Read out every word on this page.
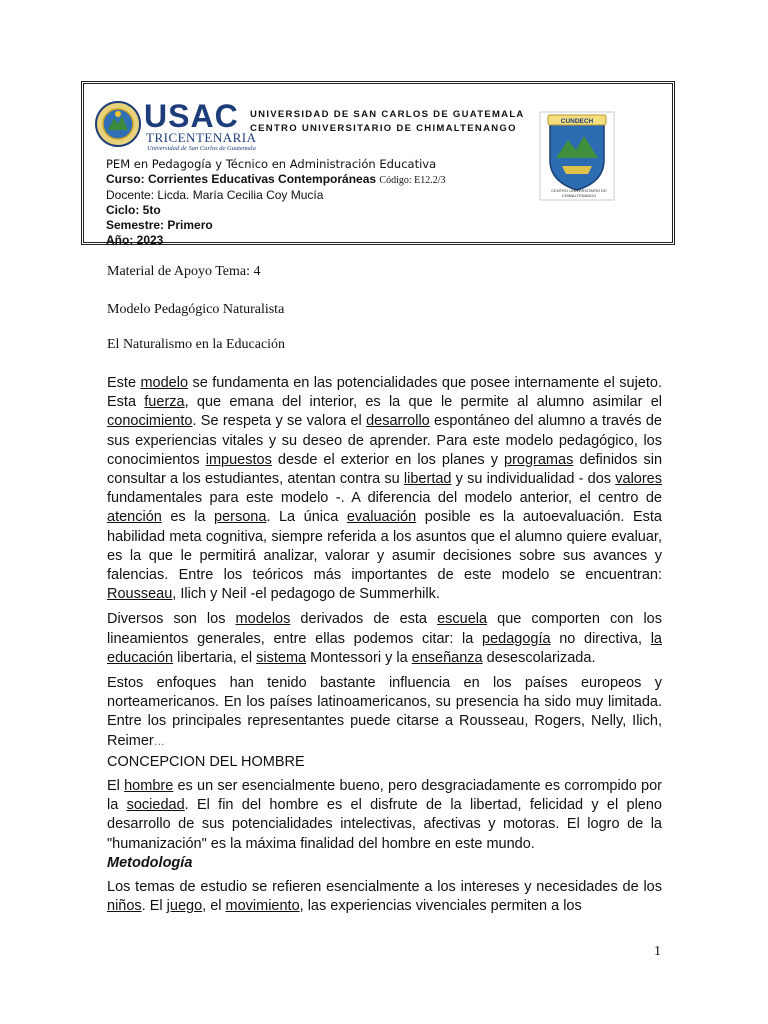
USAC
TRICENTENARIA
Universidad de San Carlos de Guatemala
UNIVERSIDAD DE SAN CARLOS DE GUATEMALA
CENTRO UNIVERSITARIO DE CHIMALTENANGO
CUNDECH
CENTRO UNIVERSITARIO DE CHIMALTENANGO
PEM en Pedagogía y Técnico en Administración Educativa
Curso: Corrientes Educativas Contemporáneas Código: E12.2/3
Docente: Licda. María Cecilia Coy Mucía
Ciclo: 5to
Semestre: Primero
Año: 2023
Material de Apoyo Tema: 4
Modelo Pedagógico Naturalista
El Naturalismo en la Educación

Este modelo se fundamenta en las potencialidades que posee internamente el sujeto. Esta fuerza, que emana del interior, es la que le permite al alumno asimilar el conocimiento. Se respeta y se valora el desarrollo espontáneo del alumno a través de sus experiencias vitales y su deseo de aprender. Para este modelo pedagógico, los conocimientos impuestos desde el exterior en los planes y programas definidos sin consultar a los estudiantes, atentan contra su libertad y su individualidad - dos valores fundamentales para este modelo -. A diferencia del modelo anterior, el centro de atención es la persona. La única evaluación posible es la autoevaluación. Esta habilidad meta cognitiva, siempre referida a los asuntos que el alumno quiere evaluar, es la que le permitirá analizar, valorar y asumir decisiones sobre sus avances y falencias. Entre los teóricos más importantes de este modelo se encuentran: Rousseau, Ilich y Neil -el pedagogo de Summerhilk.

Diversos son los modelos derivados de esta escuela que comporten con los lineamientos generales, entre ellas podemos citar: la pedagogía no directiva, la educación libertaria, el sistema Montessori y la enseñanza desescolarizada.

Estos enfoques han tenido bastante influencia en los países europeos y norteamericanos. En los países latinoamericanos, su presencia ha sido muy limitada. Entre los principales representantes puede citarse a Rousseau, Rogers, Nelly, Ilich, Reimer…

CONCEPCION DEL HOMBRE

El hombre es un ser esencialmente bueno, pero desgraciadamente es corrompido por la sociedad. El fin del hombre es el disfrute de la libertad, felicidad y el pleno desarrollo de sus potencialidades intelectivas, afectivas y motoras. El logro de la "humanización" es la máxima finalidad del hombre en este mundo.

Metodología

Los temas de estudio se refieren esencialmente a los intereses y necesidades de los niños. El juego, el movimiento, las experiencias vivenciales permiten a los

1
